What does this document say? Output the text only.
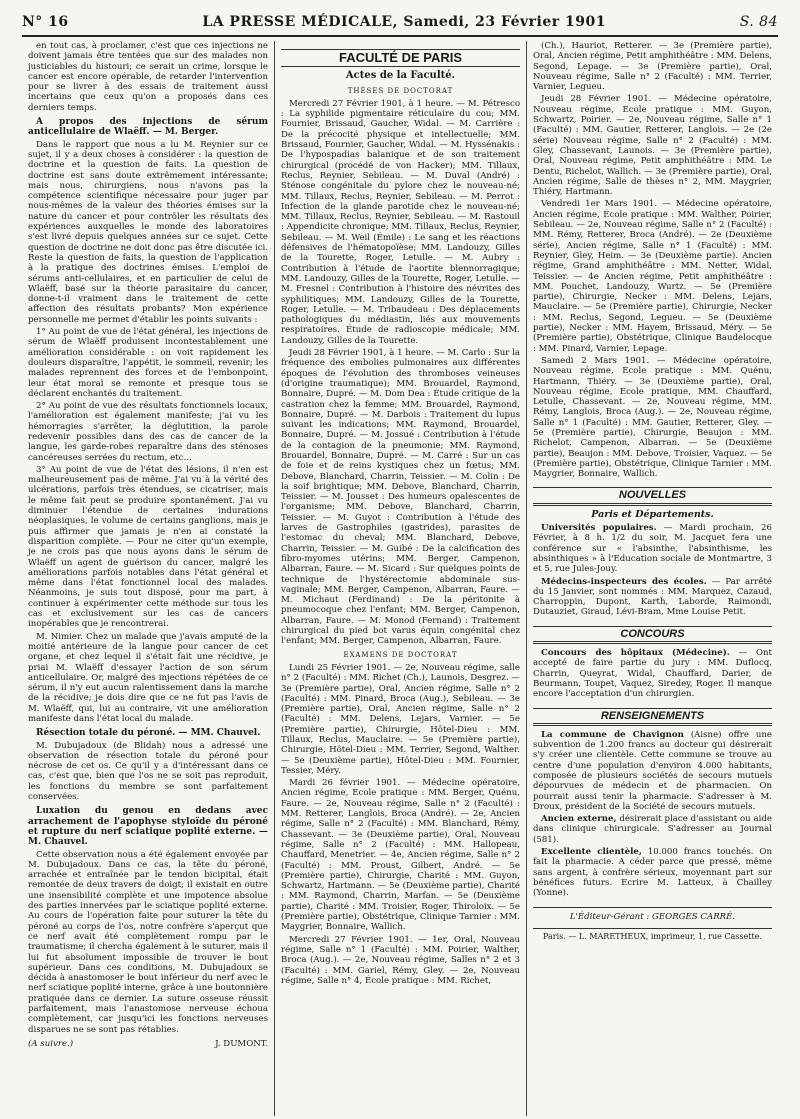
N° 16	LA PRESSE MÉDICALE, Samedi, 23 Février 1901	S. 84

en tout cas, à proclamer, c'est que ces injections ne doivent jamais être tentées que sur des malades non justiciables du histouri; ce serait un crime, lorsque le cancer est encore opérable, de retarder l'intervention pour se livrer à des essais de traitement aussi incertains que ceux qu'on a proposés dans ces derniers temps.

A propos des injections de sérum anticellulaire de Wlaëff. — M. Berger.

Dans le rapport que nous a lu M. Reynier sur ce sujet, il y a deux choses à considérer : la question de doctrine et la question de faits. La question de doctrine est sans doute extrêmement intéressante; mais nous, chirurgiens, nous n'avons pas la compétence scientifique nécessaire pour juger par nous-mêmes de la valeur des théories émises sur la nature du cancer et pour contrôler les résultats des expériences auxquelles le monde des laboratoires s'est livré depuis quelques années sur ce sujet. Cette question de doctrine ne doit donc pas être discutée ici. Reste la question de faits, la question de l'application à la pratique des doctrines émises. L'emploi de sérums anti-cellulaires, et en particulier de celui de Wlaëff, basé sur la théorie parasitaire du cancer, donne-t-il vraiment dans le traitement de cette affection des résultats probants? Mon expérience personnelle me permet d'établir les points suivants :

1° Au point de vue de l'état général, les injections de sérum de Wlaëff produisent incontestablement une amélioration considérable : on voit rapidement les douleurs disparaître, l'appétit, le sommeil, revenir; les malades reprennent des forces et de l'embonpoint, leur état moral se remonte et presque tous se déclarent enchantés du traitement.

2° Au point de vue des résultats fonctionnels locaux, l'amélioration est également manifeste; j'ai vu les hémorragies s'arrêter, la déglutition, la parole redevenir possibles dans des cas de cancer de la langue, les garde-robes reparaître dans des sténoses cancéreuses serrées du rectum, etc...

3° Au point de vue de l'état des lésions, il n'en est malheureusement pas de même. J'ai vu à la vérité des ulcérations, parfois très étendues, se cicatriser, mais le même fait peut se produire spontanément. J'ai vu diminuer l'étendue de certaines indurations néoplasiques, le volume de certains ganglions, mais je puis affirmer que jamais je n'en ai constaté la disparition complète. — Pour ne citer qu'un exemple, je ne crois pas que nous ayons dans le sérum de Wlaëff un agent de guérison du cancer, malgré les améliorations parfois notables dans l'état général et même dans l'état fonctionnel local des malades. Néanmoins, je suis tout disposé, pour ma part, à continuer à expérimenter cette méthode sur tous les cas et exclusivement sur les cas de cancers inopérables que je rencontrerai.

M. Nimier. Chez un malade que j'avais amputé de la moitié antérieure de la langue pour cancer de cet organe, et chez lequel il s'était fait une récidive, je priai M. Wlaëff d'essayer l'action de son sérum anticellulaire. Or, malgré des injections répétées de ce sérum, il n'y eut aucun ralentissement dans la marche de la récidive; je dois dire que ce ne fut pas l'avis de M. Wlaëff, qui, lui au contraire, vit une amélioration manifeste dans l'état local du malade.

Résection totale du péroné. — MM. Chauvel.

M. Dubujadoux (de Blidah) nous a adressé une observation de résection totale du péroné pour nécrose de cet os. Ce qu'il y a d'intéressant dans ce cas, c'est que, bien que l'os ne se soit pas reproduit, les fonctions du membre se sont parfaitement conservées.

Luxation du genou en dedans avec arrachement de l'apophyse styloïde du péroné et rupture du nerf sciatique poplité externe. — M. Chauvel.

Cette observation nous a été également envoyée par M. Dubujadoux. Dans ce cas, la tête du péroné, arrachée et entraînée par le tendon bicipital, était remontée de deux travers de doigt; il existait en outre une insensibilité complète et une impotence absolue des parties innervées par le sciatique poplité externe. Au cours de l'opération faite pour suturer la tête du péroné au corps de l'os, notre confrère s'aperçut que ce nerf avait été complètement rompu par le traumatisme; il chercha également à le suturer, mais il lui fut absolument impossible de trouver le bout supérieur. Dans ces conditions, M. Dubujadoux se décida à anastomoser le bout inférieur du nerf avec le nerf sciatique poplité interne, grâce à une boutonnière pratiquée dans ce dernier. La suture osseuse réussit parfaitement, mais l'anastomose nerveuse échoua complètement, car jusqu'ici les fonctions nerveuses disparues ne se sont pas rétablies.

(A suivre.)	J. DUMONT.
FACULTÉ DE PARIS
Actes de la Faculté.
THÈSES DE DOCTORAT

Mercredi 27 Février 1901, à 1 heure. — M. Pétresco : La syphilide pigmentaire réticulaire du cou; MM. Fournier, Brissaud, Gaucher, Widal. — M. Carrière : De la précocité physique et intellectuelle; MM. Brissaud, Fournier, Gaucher, Widal. — M. Hyssénakis : De l'hypospadias balanique et de son traitement chirurgical (procédé de von Hacker); MM. Tillaux, Reclus, Reynier, Sebileau. — M. Duval (André) : Sténose congénitale du pylore chez le nouveau-né; MM. Tillaux, Reclus, Reynier, Sebileau. — M. Perrot : Infection de la glande parotide chez le nouveau-né; MM. Tillaux, Reclus, Reynier, Sebileau. — M. Rastouil : Appendicite chronique; MM. Tillaux, Reclus, Reynier, Sebileau. — M. Weil (Émile) : Le sang et les réactions défensives de l'hématopoïèse; MM. Landouzy, Gilles de la Tourette, Roger, Letulle. — M. Aubry : Contribution à l'étude de l'aortite blennorragique; MM. Landouzy, Gilles de la Tourette, Roger, Letulle. — M. Fresnel : Contribution à l'histoire des névrites des syphilitiques; MM. Landouzy, Gilles de la Tourette, Roger, Letulle. — M. Tribaudeau : Des déplacements pathologiques du médiastin, liés aux mouvements respiratoires. Étude de radioscopie médicale; MM. Landouzy, Gilles de la Tourette.

Jeudi 28 Février 1901, à 1 heure. — M. Carlo : Sur la fréquence des embolies pulmonaires aux différentes époques de l'évolution des thromboses veineuses (d'origine traumatique); MM. Brouardel, Raymond, Bonnaire, Dupré. — M. Dom Dea : Étude critique de la castration chez la femme; MM. Brouardel, Raymond, Bonnaire, Dupré. — M. Darbois : Traitement du lupus suivant les indications; MM. Raymond, Brouardel, Bonnaire, Dupré. — M. Jossué : Contribution à l'étude de la contagion de la pneumonie; MM. Raymond, Brouardel, Bonnaire, Dupré. — M. Carré : Sur un cas de foie et de reins kystiques chez un fœtus; MM. Debove, Blanchard, Charrin, Teissier. — M. Colin : De la soif brightique; MM. Debove, Blanchard, Charrin, Teissier. — M. Jousset : Des humeurs opalescentes de l'organisme; MM. Debove, Blanchard, Charrin, Teissier. — M. Guyot : Contribution à l'étude des larves de Gastrophiles (gastrides), parasites de l'estomac du cheval; MM. Blanchard, Debove, Charrin, Teissier. — M. Guibé : De la calcification des fibro-myomes utérins; MM. Berger, Campenon, Albarran, Faure. — M. Sicard : Sur quelques points de technique de l'hystérectomie abdominale sus-vaginale; MM. Berger, Campenon, Albarran, Faure. — M. Michaut (Ferdinand) : De la péritonite à pneumocoque chez l'enfant; MM. Berger, Campenon, Albarran, Faure. — M. Monod (Fernand) : Traitement chirurgical du pied bot varus équin congénital chez l'enfant; MM. Berger, Campenon, Albarran, Faure.

EXAMENS DE DOCTORAT

Lundi 25 Février 1901. — 2e, Nouveau régime, salle n° 2 (Faculté) : MM. Richet (Ch.), Launois, Desgrez. — 3e (Première partie), Oral, Ancien régime, Salle n° 2 (Faculté) : MM. Pinard, Broca (Aug.), Sebileau. — 3e (Première partie), Oral, Ancien régime, Salle n° 2 (Faculté) : MM. Delens, Lejars, Varnier. — 5e (Première partie), Chirurgie, Hôtel-Dieu : MM. Tillaux, Reclus, Mauclaire. — 5e (Première partie), Chirurgie, Hôtel-Dieu : MM. Terrier, Segond, Walther. — 5e (Deuxième partie), Hôtel-Dieu : MM. Fournier, Tessier, Méry.

Mardi 26 février 1901. — Médecine opératoire, Ancien régime, Ecole pratique : MM. Berger, Quénu, Faure. — 2e, Nouveau régime, Salle n° 2 (Faculté) : MM. Retterer, Langlois, Broca (André). — 2e, Ancien régime, Salle n° 2 (Faculté) : MM. Blanchard, Rémy, Chassevant. — 3e (Deuxième partie), Oral, Nouveau régime, Salle n° 2 (Faculté) : MM. Hallopeau, Chauffard, Menetrier. — 4e, Ancien régime, Salle n° 2 (Faculté) : MM. Proust, Gilbert, André. — 5e (Première partie), Chirurgie, Charité : MM. Guyon, Schwartz, Hartmann. — 5e (Deuxième partie), Charité : MM. Raymond, Charrin, Marfan. — 5e (Deuxième partie), Charité : MM. Troisier, Roger, Thiroloix. — 5e (Première partie), Obstétrique, Clinique Tarnier : MM. Maygrier, Bonnaire, Wallich.

Mercredi 27 Février 1901. — 1er, Oral, Nouveau régime, Salle n° 1 (Faculté) : MM. Poirier, Walther, Broca (Aug.). — 2e, Nouveau régime, Salles n° 2 et 3 (Faculté) : MM. Gariel, Rémy, Gley. — 2e, Nouveau régime, Salle n° 4, École pratique : MM. Richet,

(Ch.), Hauriot, Retterer. — 3e (Première partie), Oral, Ancien régime, Petit amphithéâtre : MM. Delens, Segond, Lepage. — 3e (Première partie), Oral, Nouveau régime, Salle n° 2 (Faculté) : MM. Terrier, Varnier, Legueu.

Jeudi 28 Février 1901. — Médecine opératoire, Nouveau régime, Ecole pratique : MM. Guyon, Schwartz, Poirier. — 2e, Nouveau régime, Salle n° 1 (Faculté) : MM. Gautier, Retterer, Langlois. — 2e (2e série) Nouveau régime, Salle n° 2 (Faculté) : MM. Gley, Chassevant, Launois. — 3e (Première partie), Oral, Nouveau régime, Petit amphithéâtre : MM. Le Dentu, Richelot, Wallich. — 3e (Première partie), Oral, Ancien régime, Salle de thèses n° 2, MM. Maygrier, Thiéry, Hartmann.

Vendredi 1er Mars 1901. — Médecine opératoire, Ancien régime, École pratique : MM. Walther, Poirier, Sebileau. — 2e, Nouveau régime, Salle n° 2 (Faculté) : MM. Rémy, Retterer, Broca (André). — 2e (Deuxième série), Ancien régime, Salle n° 1 (Faculté) : MM. Reynier, Gley, Heim. — 3e (Deuxième partie). Ancien régime, Grand amphithéâtre : MM. Netter, Widal, Teissier. — 4e Ancien régime, Petit amphithéâtre : MM. Pouchet, Landouzy, Wurtz. — 5e (Première partie), Chirurgie, Necker : MM. Delens, Lejars, Mauclaire. — 5e (Première partie), Chirurgie, Necker : MM. Reclus, Segond, Legueu. — 5e (Deuxième partie), Necker : MM. Hayem, Brissaud, Méry. — 5e (Première partie), Obstétrique, Clinique Baudelocque : MM. Pinard, Varnier, Lepage.

Samedi 2 Mars 1901. — Médecine opératoire, Nouveau régime, Ecole pratique : MM. Quénu, Hartmann, Thiéry. — 3e (Deuxième partie), Oral, Nouveau régime, Ecole pratique, MM. Chauffard, Letulle, Chassevant. — 2e, Nouveau régime, MM. Rémy, Langlois, Broca (Aug.). — 2e, Nouveau régime, Salle n° 1 (Faculté) : MM. Gautier, Retterer, Gley. — 5e (Première partie), Chirurgie, Beaujon : MM. Richelot, Campenon, Albarran. — 5e (Deuxième partie), Beaujon : MM. Debove, Troisier, Vaquez. — 5e (Première partie), Obstétrique, Clinique Tarnier : MM. Maygrier, Bonnaire, Wallich.

NOUVELLES
Paris et Départements.

Universités populaires. — Mardi prochain, 26 Février, à 8 h. 1/2 du soir, M. Jacquet fera une conférence sur « l'absinthe, l'absinthisme, les absinthiques » à l'Education sociale de Montmartre, 3 et 5, rue Jules-Jouy.

Médecins-inspecteurs des écoles. — Par arrêté du 15 Janvier, sont nommés : MM. Marquez, Cazaud, Charroppin, Dupont, Karth, Laborde, Raimondi, Dutauziet, Giraud, Lévi-Bram, Mme Louise Petit.

CONCOURS

Concours des hôpitaux (Médecine). — Ont accepté de faire partie du jury : MM. Duflocq, Charrin, Queyrat, Widal, Chauffard, Darier, de Beurmann, Toupet, Vaquez, Siredey, Roger. Il manque encore l'acceptation d'un chirurgien.

RENSEIGNEMENTS

La commune de Chavignon (Aisne) offre une subvention de 1.200 francs au docteur qui désirerait s'y créer une clientèle. Cette commune se trouve au centre d'une population d'environ 4.000 habitants, composée de plusieurs sociétés de secours mutuels dépourvues de médecin et de pharmacien. On pourrait aussi tenir la pharmacie. S'adresser à M. Droux, président de la Société de secours mutuels.

Ancien externe, désirerait place d'assistant ou aide dans clinique chirurgicale. S'adresser au Journal (581).

Excellente clientèle, 10.000 francs touchés. On fait la pharmacie. A céder parce que pressé, même sans argent, à confrère sérieux, moyennant part sur bénéfices futurs. Ecrire M. Latteux, à Chailley (Yonne).

L'Éditeur-Gérant : GEORGES CARRÉ.
Paris. — L. MARETHEUX, imprimeur, 1, rue Cassette.
